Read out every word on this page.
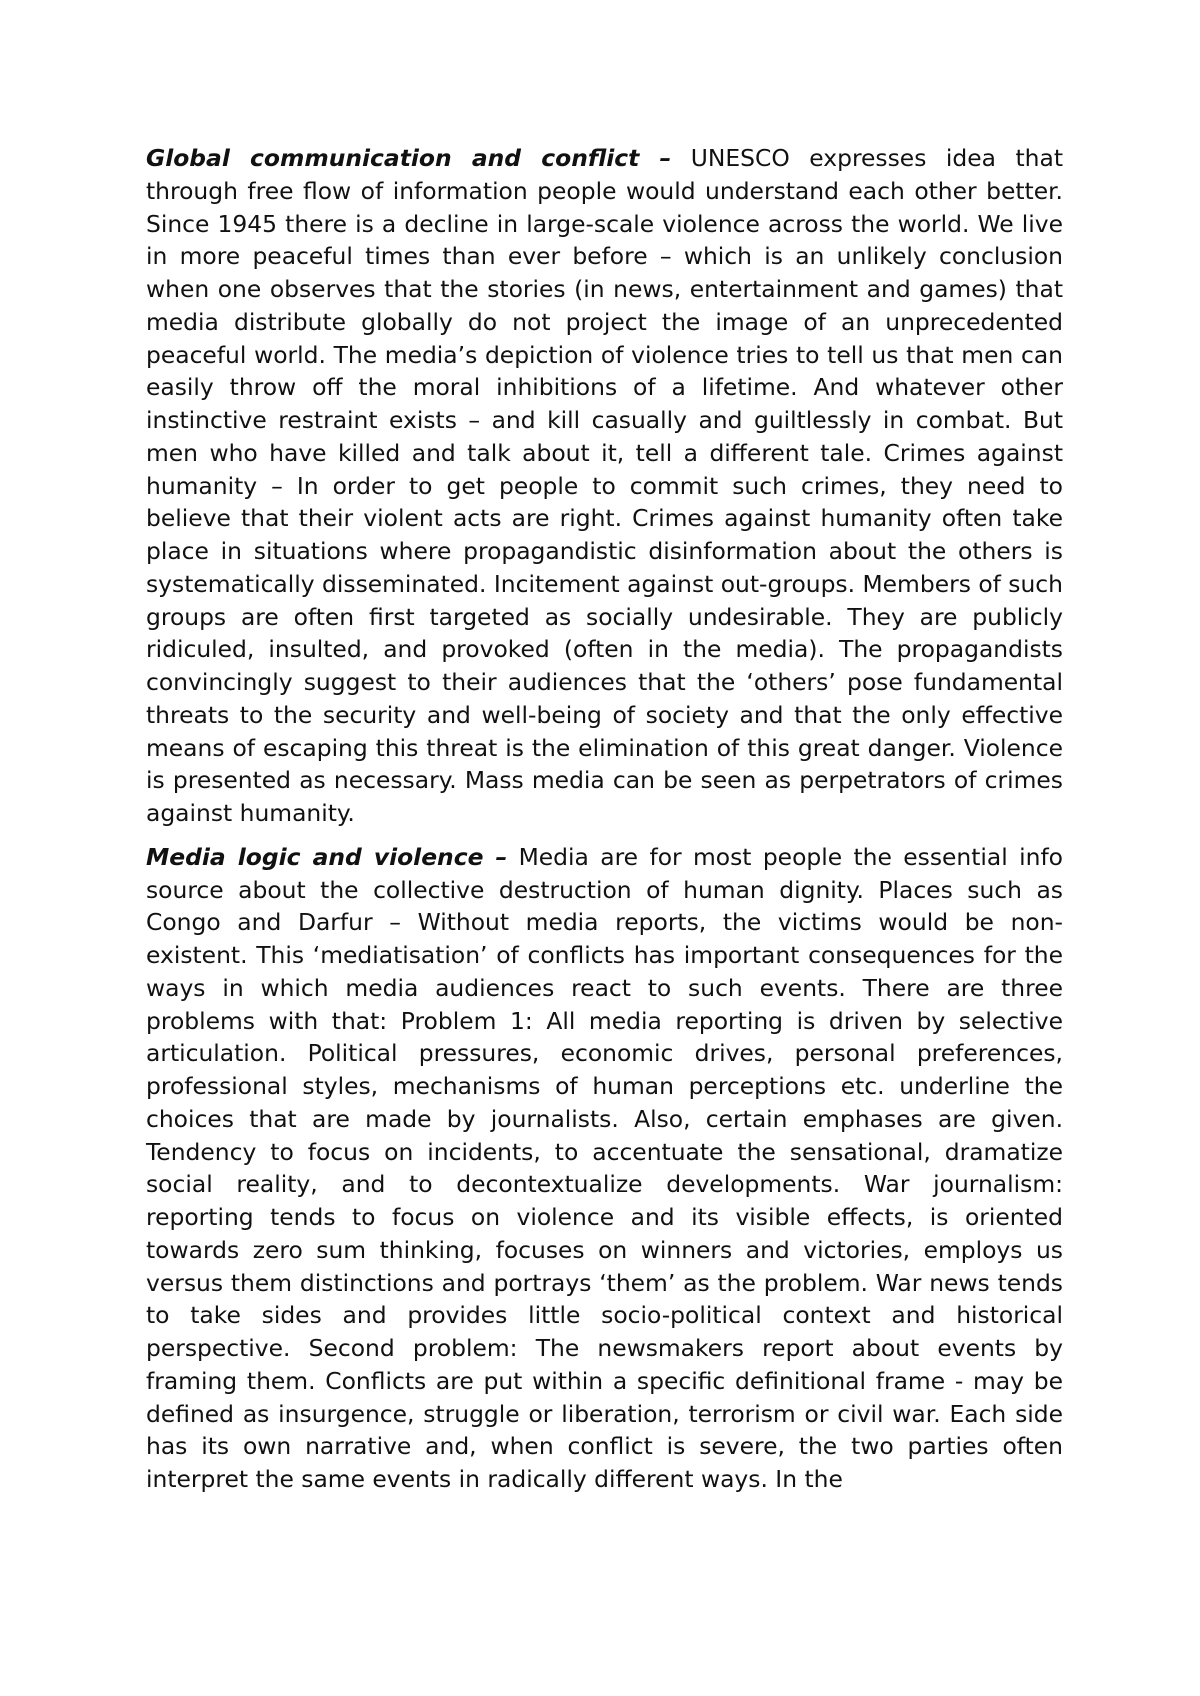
Global communication and conflict – UNESCO expresses idea that through free flow of information people would understand each other better. Since 1945 there is a decline in large-scale violence across the world. We live in more peaceful times than ever before – which is an unlikely conclusion when one observes that the stories (in news, entertainment and games) that media distribute globally do not project the image of an unprecedented peaceful world. The media’s depiction of violence tries to tell us that men can easily throw off the moral inhibitions of a lifetime. And whatever other instinctive restraint exists – and kill casually and guiltlessly in combat. But men who have killed and talk about it, tell a different tale. Crimes against humanity – In order to get people to commit such crimes, they need to believe that their violent acts are right. Crimes against humanity often take place in situations where propagandistic disinformation about the others is systematically disseminated. Incitement against out-groups. Members of such groups are often first targeted as socially undesirable. They are publicly ridiculed, insulted, and provoked (often in the media). The propagandists convincingly suggest to their audiences that the ‘others’ pose fundamental threats to the security and well-being of society and that the only effective means of escaping this threat is the elimination of this great danger. Violence is presented as necessary. Mass media can be seen as perpetrators of crimes against humanity.

Media logic and violence – Media are for most people the essential info source about the collective destruction of human dignity. Places such as Congo and Darfur – Without media reports, the victims would be non-existent. This ‘mediatisation’ of conflicts has important consequences for the ways in which media audiences react to such events. There are three problems with that: Problem 1: All media reporting is driven by selective articulation. Political pressures, economic drives, personal preferences, professional styles, mechanisms of human perceptions etc. underline the choices that are made by journalists. Also, certain emphases are given. Tendency to focus on incidents, to accentuate the sensational, dramatize social reality, and to decontextualize developments. War journalism: reporting tends to focus on violence and its visible effects, is oriented towards zero sum thinking, focuses on winners and victories, employs us versus them distinctions and portrays ‘them’ as the problem. War news tends to take sides and provides little socio-political context and historical perspective. Second problem: The newsmakers report about events by framing them. Conflicts are put within a specific definitional frame - may be defined as insurgence, struggle or liberation, terrorism or civil war. Each side has its own narrative and, when conflict is severe, the two parties often interpret the same events in radically different ways. In the
